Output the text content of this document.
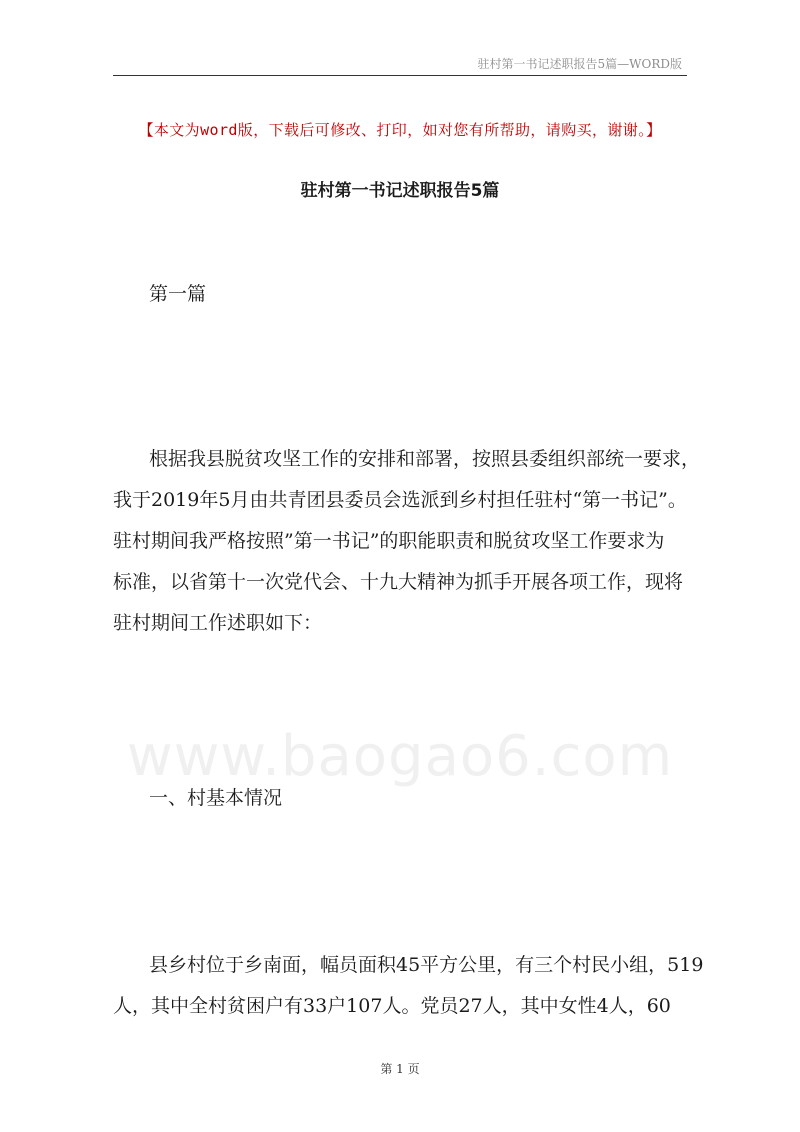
驻村第一书记述职报告5篇—WORD版
【本文为word版，下载后可修改、打印，如对您有所帮助，请购买，谢谢。】
驻村第一书记述职报告5篇
第一篇
www.baogao6.com
根据我县脱贫攻坚工作的安排和部署，按照县委组织部统一要求，
我于2019年5月由共青团县委员会选派到乡村担任驻村“第一书记”。
驻村期间我严格按照”第一书记”的职能职责和脱贫攻坚工作要求为
标准，以省第十一次党代会、十九大精神为抓手开展各项工作，现将
驻村期间工作述职如下：
一、村基本情况
县乡村位于乡南面，幅员面积45平方公里，有三个村民小组，519
人，其中全村贫困户有33户107人。党员27人，其中女性4人，60
第 1 页
